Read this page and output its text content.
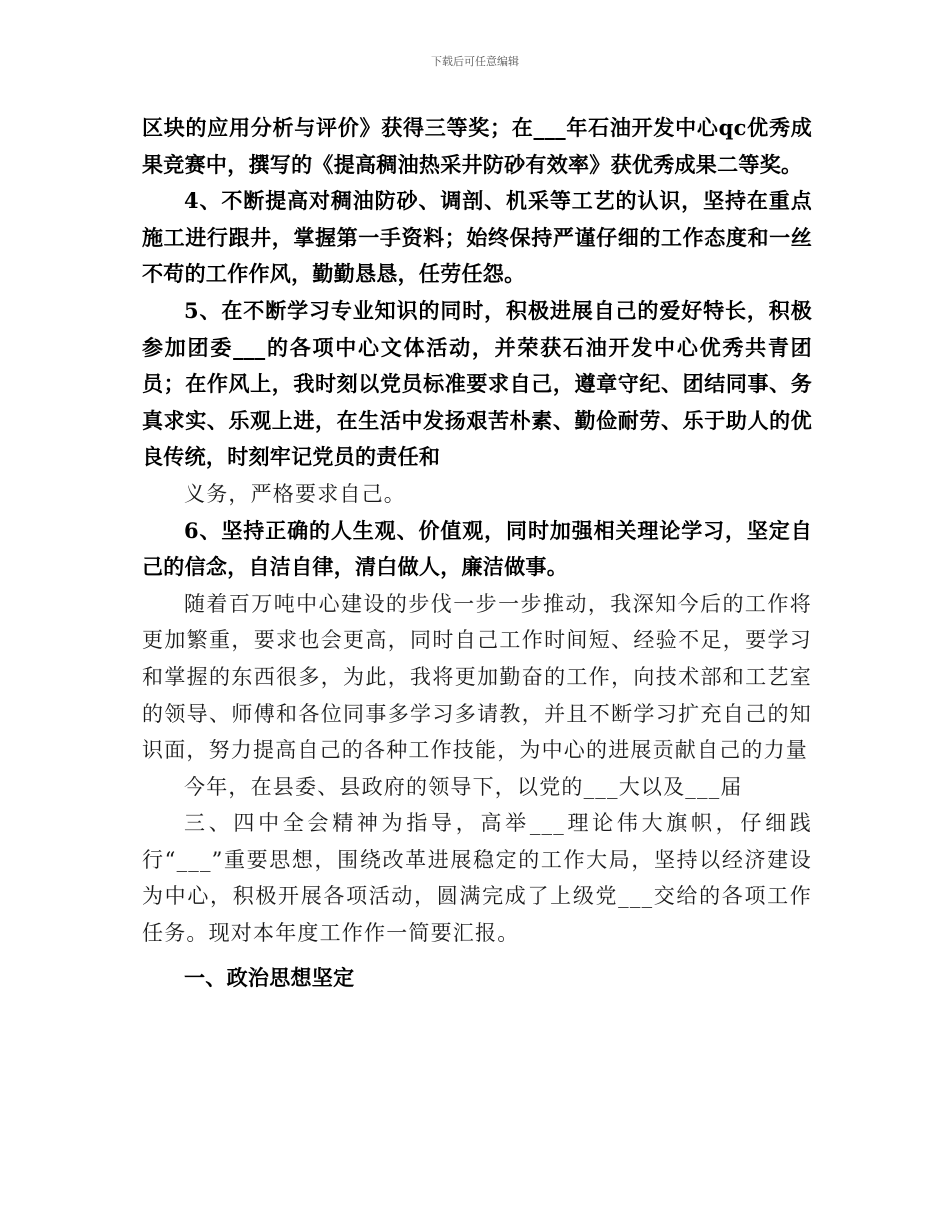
下载后可任意编辑

区块的应用分析与评价》获得三等奖；在___年石油开发中心qc优秀成果竞赛中，撰写的《提高稠油热采井防砂有效率》获优秀成果二等奖。

4、不断提高对稠油防砂、调剖、机采等工艺的认识，坚持在重点施工进行跟井，掌握第一手资料；始终保持严谨仔细的工作态度和一丝不苟的工作作风，勤勤恳恳，任劳任怨。

5、在不断学习专业知识的同时，积极进展自己的爱好特长，积极参加团委___的各项中心文体活动，并荣获石油开发中心优秀共青团员；在作风上，我时刻以党员标准要求自己，遵章守纪、团结同事、务真求实、乐观上进，在生活中发扬艰苦朴素、勤俭耐劳、乐于助人的优良传统，时刻牢记党员的责任和

义务，严格要求自己。

6、坚持正确的人生观、价值观，同时加强相关理论学习，坚定自己的信念，自洁自律，清白做人，廉洁做事。

随着百万吨中心建设的步伐一步一步推动，我深知今后的工作将更加繁重，要求也会更高，同时自己工作时间短、经验不足，要学习和掌握的东西很多，为此，我将更加勤奋的工作，向技术部和工艺室的领导、师傅和各位同事多学习多请教，并且不断学习扩充自己的知识面，努力提高自己的各种工作技能，为中心的进展贡献自己的力量

今年，在县委、县政府的领导下，以党的___大以及___届

三、四中全会精神为指导，高举___理论伟大旗帜，仔细践行“___”重要思想，围绕改革进展稳定的工作大局，坚持以经济建设为中心，积极开展各项活动，圆满完成了上级党___交给的各项工作任务。现对本年度工作作一简要汇报。

一、政治思想坚定
